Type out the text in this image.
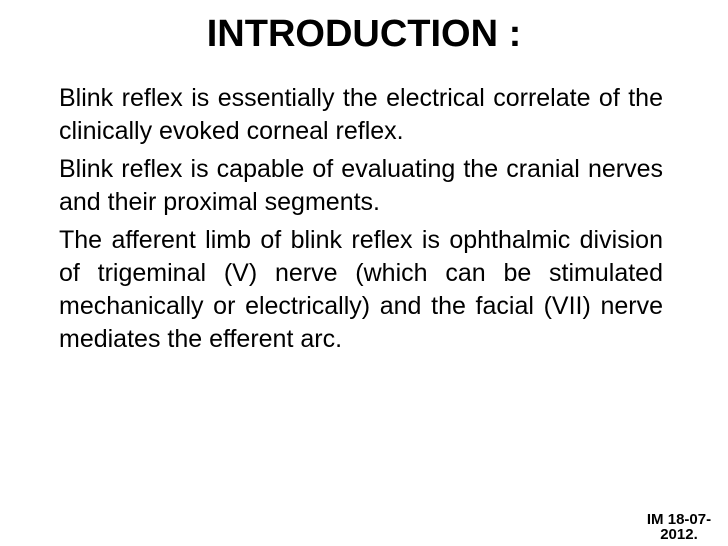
INTRODUCTION :

Blink reflex is essentially the electrical correlate of the clinically evoked corneal reflex.

Blink reflex is capable of evaluating the cranial nerves and their proximal segments.

The afferent limb of blink reflex is ophthalmic division of trigeminal (V) nerve (which can be stimulated mechanically or electrically) and the facial (VII) nerve mediates the efferent arc.

IM 18-07-2012.
